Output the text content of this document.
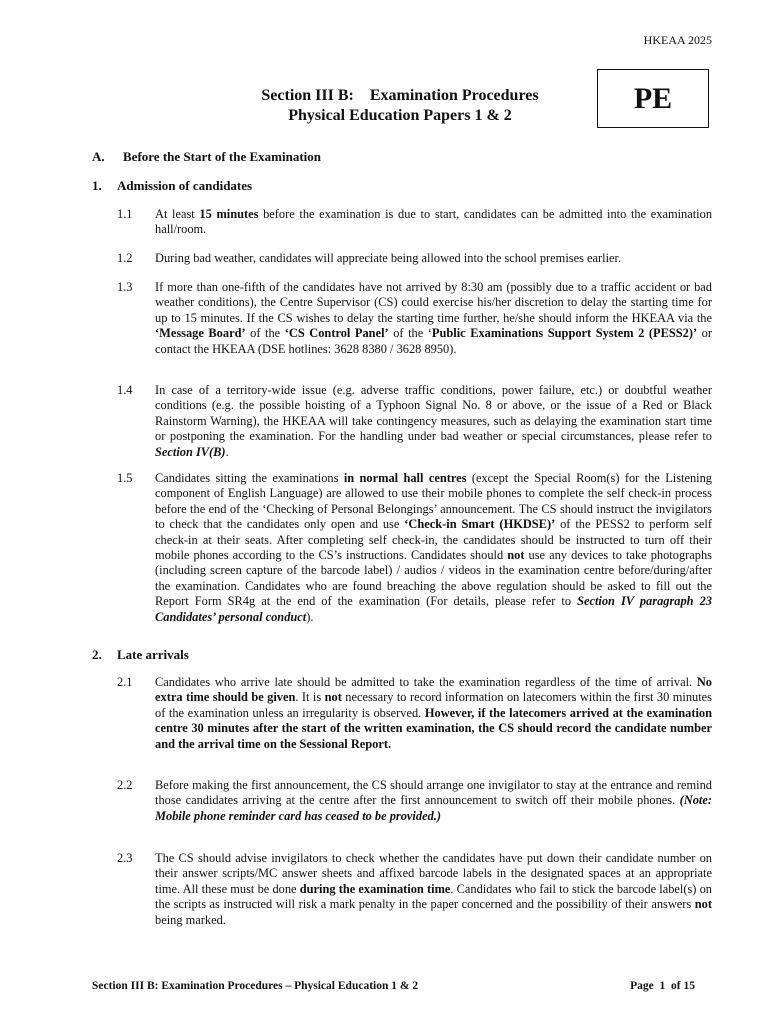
HKEAA 2025
Section III B:    Examination Procedures
Physical Education Papers 1 & 2
PE
A. Before the Start of the Examination
1. Admission of candidates
1.1 At least 15 minutes before the examination is due to start, candidates can be admitted into the examination hall/room.
1.2 During bad weather, candidates will appreciate being allowed into the school premises earlier.
1.3 If more than one-fifth of the candidates have not arrived by 8:30 am (possibly due to a traffic accident or bad weather conditions), the Centre Supervisor (CS) could exercise his/her discretion to delay the starting time for up to 15 minutes. If the CS wishes to delay the starting time further, he/she should inform the HKEAA via the ‘Message Board’ of the ‘CS Control Panel’ of the ‘Public Examinations Support System 2 (PESS2)’ or contact the HKEAA (DSE hotlines: 3628 8380 / 3628 8950).
1.4 In case of a territory-wide issue (e.g. adverse traffic conditions, power failure, etc.) or doubtful weather conditions (e.g. the possible hoisting of a Typhoon Signal No. 8 or above, or the issue of a Red or Black Rainstorm Warning), the HKEAA will take contingency measures, such as delaying the examination start time or postponing the examination. For the handling under bad weather or special circumstances, please refer to Section IV(B).
1.5 Candidates sitting the examinations in normal hall centres (except the Special Room(s) for the Listening component of English Language) are allowed to use their mobile phones to complete the self check-in process before the end of the ‘Checking of Personal Belongings’ announcement. The CS should instruct the invigilators to check that the candidates only open and use ‘Check-in Smart (HKDSE)’ of the PESS2 to perform self check-in at their seats. After completing self check-in, the candidates should be instructed to turn off their mobile phones according to the CS’s instructions. Candidates should not use any devices to take photographs (including screen capture of the barcode label) / audios / videos in the examination centre before/during/after the examination. Candidates who are found breaching the above regulation should be asked to fill out the Report Form SR4g at the end of the examination (For details, please refer to Section IV paragraph 23 Candidates’ personal conduct).
2. Late arrivals
2.1 Candidates who arrive late should be admitted to take the examination regardless of the time of arrival. No extra time should be given. It is not necessary to record information on latecomers within the first 30 minutes of the examination unless an irregularity is observed. However, if the latecomers arrived at the examination centre 30 minutes after the start of the written examination, the CS should record the candidate number and the arrival time on the Sessional Report.
2.2 Before making the first announcement, the CS should arrange one invigilator to stay at the entrance and remind those candidates arriving at the centre after the first announcement to switch off their mobile phones. (Note: Mobile phone reminder card has ceased to be provided.)
2.3 The CS should advise invigilators to check whether the candidates have put down their candidate number on their answer scripts/MC answer sheets and affixed barcode labels in the designated spaces at an appropriate time. All these must be done during the examination time. Candidates who fail to stick the barcode label(s) on the scripts as instructed will risk a mark penalty in the paper concerned and the possibility of their answers not being marked.
Section III B: Examination Procedures – Physical Education 1 & 2	Page  1  of 15
